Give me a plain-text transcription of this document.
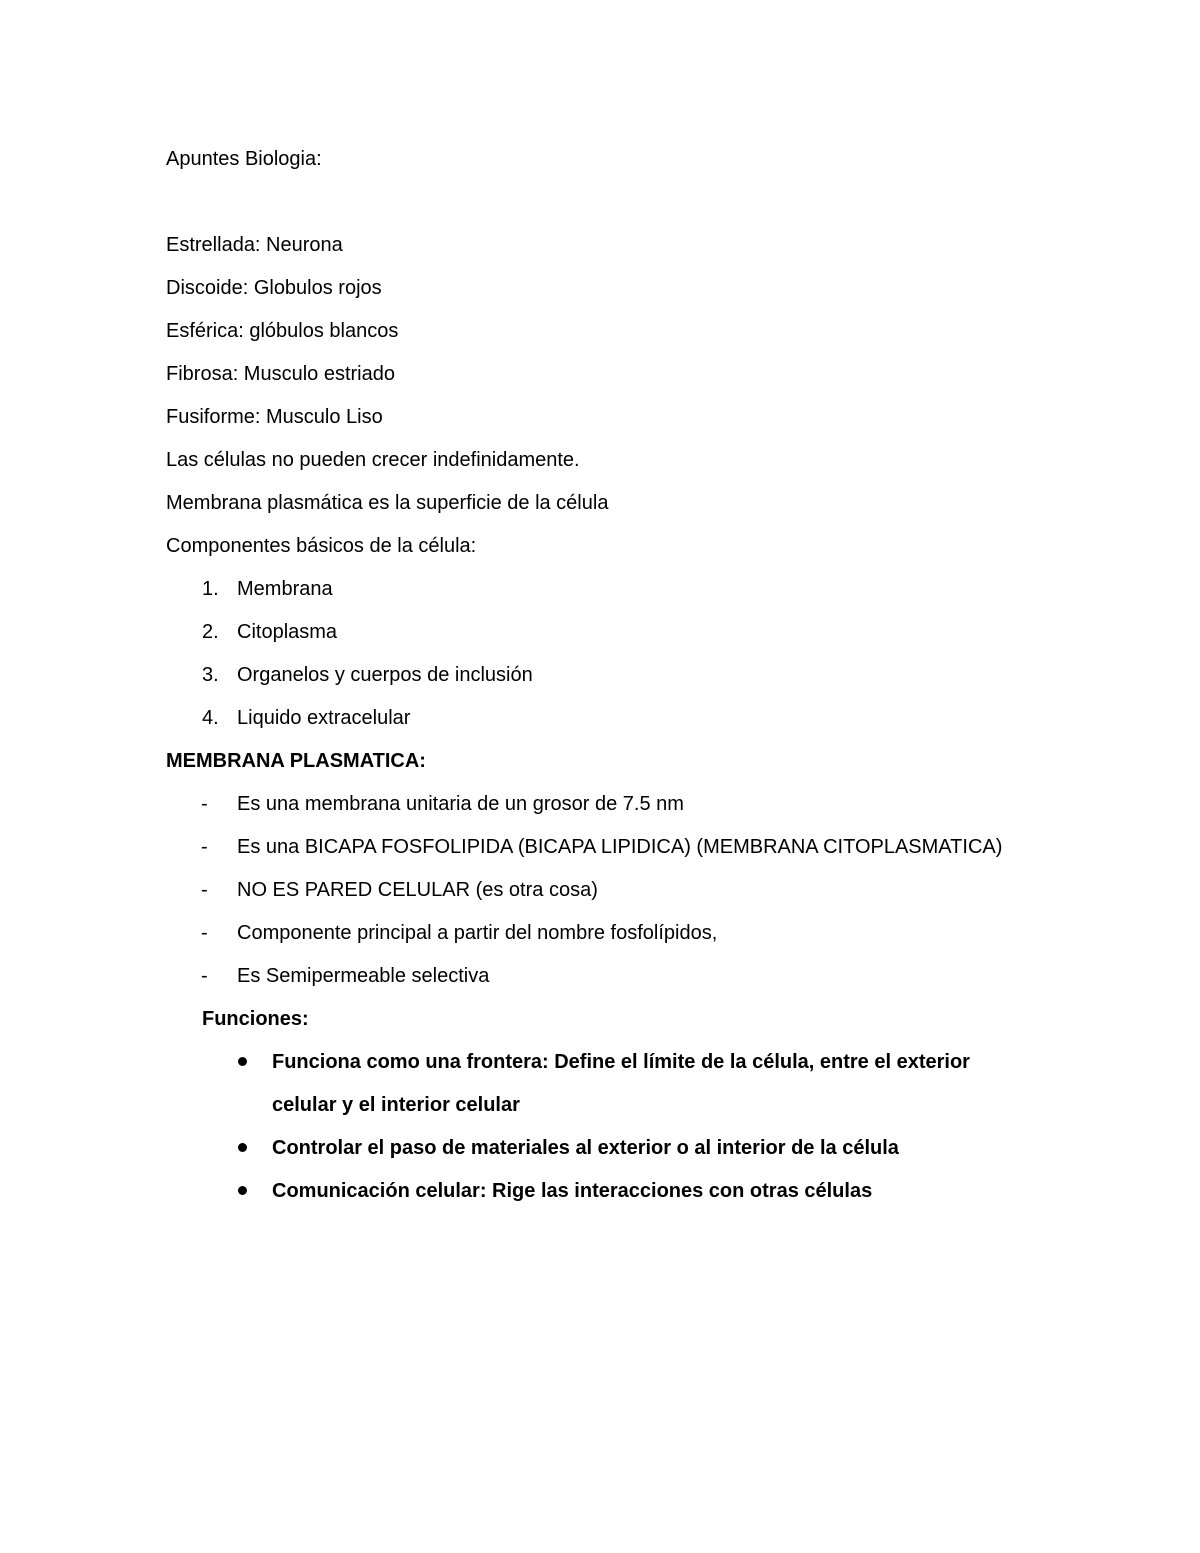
Apuntes Biologia:
Estrellada: Neurona
Discoide: Globulos rojos
Esférica: glóbulos blancos
Fibrosa: Musculo estriado
Fusiforme: Musculo Liso
Las células no pueden crecer indefinidamente.
Membrana plasmática es la superficie de la célula
Componentes básicos de la célula:
1. Membrana
2. Citoplasma
3. Organelos y cuerpos de inclusión
4. Liquido extracelular
MEMBRANA PLASMATICA:
- Es una membrana unitaria de un grosor de 7.5 nm
- Es una BICAPA FOSFOLIPIDA (BICAPA LIPIDICA) (MEMBRANA CITOPLASMATICA)
- NO ES PARED CELULAR (es otra cosa)
- Componente principal a partir del nombre fosfolípidos,
- Es Semipermeable selectiva
Funciones:
Funciona como una frontera: Define el límite de la célula, entre el exterior celular y el interior celular
Controlar el paso de materiales al exterior o al interior de la célula
Comunicación celular: Rige las interacciones con otras células
